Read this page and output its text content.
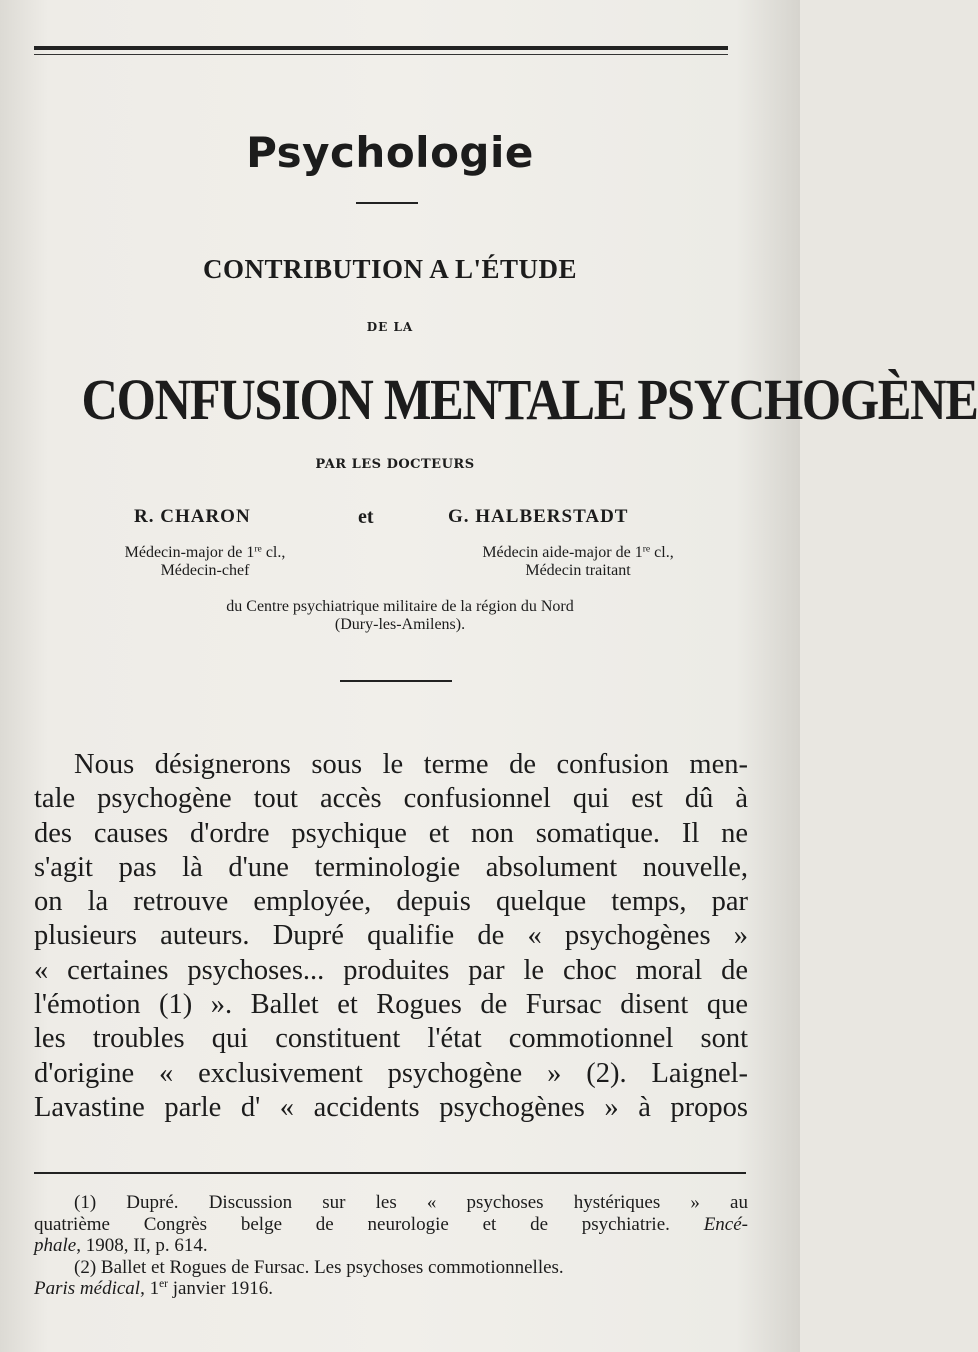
Psychologie
CONTRIBUTION A L'ÉTUDE
DE LA
CONFUSION MENTALE PSYCHOGÈNE
PAR LES DOCTEURS
R. CHARON	et	G. HALBERSTADT
Médecin-major de 1re cl.,
Médecin-chef
Médecin aide-major de 1re cl.,
Médecin traitant
du Centre psychiatrique militaire de la région du Nord
(Dury-les-Amilens).
Nous désignerons sous le terme de confusion men-
tale psychogène tout accès confusionnel qui est dû à
des causes d'ordre psychique et non somatique. Il ne
s'agit pas là d'une terminologie absolument nouvelle,
on la retrouve employée, depuis quelque temps, par
plusieurs auteurs. Dupré qualifie de « psychogènes »
« certaines psychoses... produites par le choc moral de
l'émotion (1) ». Ballet et Rogues de Fursac disent que
les troubles qui constituent l'état commotionnel sont
d'origine « exclusivement psychogène » (2). Laignel-
Lavastine parle d' « accidents psychogènes » à propos
(1) Dupré. Discussion sur les « psychoses hystériques » au
quatrième Congrès belge de neurologie et de psychiatrie. Encé-
phale, 1908, II, p. 614.
(2) Ballet et Rogues de Fursac. Les psychoses commotionnelles.
Paris médical, 1er janvier 1916.
